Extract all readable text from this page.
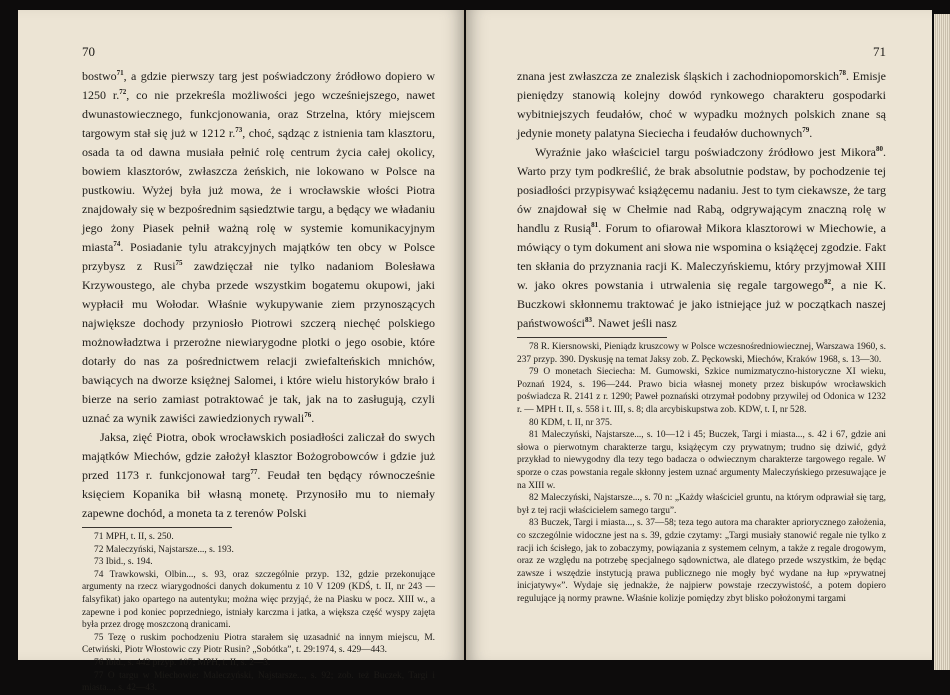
70

bostwo$^{71}$, a gdzie pierwszy targ jest poświadczony źródłowo dopiero w 1250 r.$^{72}$, co nie przekreśla możliwości jego wcześniejszego, nawet dwunastowiecznego, funkcjonowania, oraz Strzelna, który miejscem targowym stał się już w 1212 r.$^{73}$, choć, sądząc z istnienia tam klasztoru, osada ta od dawna musiała pełnić rolę centrum życia całej okolicy, bowiem klasztorów, zwłaszcza żeńskich, nie lokowano w Polsce na pustkowiu. Wyżej była już mowa, że i wrocławskie włości Piotra znajdowały się w bezpośrednim sąsiedztwie targu, a będący we władaniu jego żony Piasek pełnił ważną rolę w systemie komunikacyjnym miasta$^{74}$. Posiadanie tylu atrakcyjnych majątków ten obcy w Polsce przybysz z Rusi$^{75}$ zawdzięczał nie tylko nadaniom Bolesława Krzywoustego, ale chyba przede wszystkim bogatemu okupowi, jaki wypłacił mu Wołodar. Właśnie wykupywanie ziem przynoszących największe dochody przyniosło Piotrowi szczerą niechęć polskiego możnowładztwa i przerożne niewiarygodne plotki o jego osobie, które dotarły do nas za pośrednictwem relacji zwiefalteńskich mnichów, bawiących na dworze księżnej Salomei, i które wielu historyków brało i bierze na serio zamiast potraktować je tak, jak na to zasługują, czyli uznać za wynik zawiści zawiedzionych rywali$^{76}$.

Jaksa, zięć Piotra, obok wrocławskich posiadłości zaliczał do swych majątków Miechów, gdzie założył klasztor Bożogrobowców i gdzie już przed 1173 r. funkcjonował targ$^{77}$. Feudał ten będący równocześnie księciem Kopanika bił własną monetę. Przynosiło mu to niemały zapewne dochód, a moneta ta z terenów Polski

71 MPH, t. II, s. 250.

72 Maleczyński, Najstarsze..., s. 193.

73 Ibid., s. 194.

74 Trawkowski, Olbin..., s. 93, oraz szczególnie przyp. 132, gdzie przekonujące argumenty na rzecz wiarygodności danych dokumentu z 10 V 1209 (KDŚ, t. II, nr 243 — falsyfikat) jako opartego na autentyku; można więc przyjąć, że na Piasku w pocz. XIII w., a zapewne i pod koniec poprzedniego, istniały karczma i jatka, a większa część wyspy zajęta była przez drogę moszczoną dranicami.

75 Tezę o ruskim pochodzeniu Piotra starałem się uzasadnić na innym miejscu, M. Cetwiński, Piotr Włostowic czy Piotr Rusin? „Sobótka”, t. 29:1974, s. 429—443.

76 Ibid., s. 442 przyp. 107; MPH, t. II, s. 2—3.

77 O targu w Miechowie: Maleczyński, Najstarsze..., s. 92; zob. też Buczek, Targi i miasta..., s. 42—43.

71

znana jest zwłaszcza ze znalezisk śląskich i zachodniopomorskich$^{78}$. Emisje pieniędzy stanowią kolejny dowód rynkowego charakteru gospodarki wybitniejszych feudałów, choć w wypadku możnych polskich znane są jedynie monety palatyna Sieciecha i feudałów duchownych$^{79}$.

Wyraźnie jako właściciel targu poświadczony źródłowo jest Mikora$^{80}$. Warto przy tym podkreślić, że brak absolutnie podstaw, by pochodzenie tej posiadłości przypisywać książęcemu nadaniu. Jest to tym ciekawsze, że targ ów znajdował się w Chełmie nad Rabą, odgrywającym znaczną rolę w handlu z Rusią$^{81}$. Forum to ofiarował Mikora klasztorowi w Miechowie, a mówiący o tym dokument ani słowa nie wspomina o książęcej zgodzie. Fakt ten skłania do przyznania racji K. Maleczyńskiemu, który przyjmował XIII w. jako okres powstania i utrwalenia się regale targowego$^{82}$, a nie K. Buczkowi skłonnemu traktować je jako istniejące już w początkach naszej państwowości$^{83}$. Nawet jeśli nasz

78 R. Kiersnowski, Pieniądz kruszcowy w Polsce wczesnośredniowiecznej, Warszawa 1960, s. 237 przyp. 390. Dyskusję na temat Jaksy zob. Z. Pęckowski, Miechów, Kraków 1968, s. 13—30.

79 O monetach Sieciecha: M. Gumowski, Szkice numizmatyczno-historyczne XI wieku, Poznań 1924, s. 196—244. Prawo bicia własnej monety przez biskupów wrocławskich poświadcza R. 2141 z r. 1290; Paweł poznański otrzymał podobny przywilej od Odonica w 1232 r. — MPH t. II, s. 558 i t. III, s. 8; dla arcybiskupstwa zob. KDW, t. I, nr 528.

80 KDM, t. II, nr 375.

81 Maleczyński, Najstarsze..., s. 10—12 i 45; Buczek, Targi i miasta..., s. 42 i 67, gdzie ani słowa o pierwotnym charakterze targu, książęcym czy prywatnym; trudno się dziwić, gdyż przykład to niewygodny dla tezy tego badacza o odwiecznym charakterze targowego regale. W sporze o czas powstania regale skłonny jestem uznać argumenty Maleczyńskiego przesuwające je na XIII w.

82 Maleczyński, Najstarsze..., s. 70 n: „Każdy właściciel gruntu, na którym odprawiał się targ, był z tej racji właścicielem samego targu”.

83 Buczek, Targi i miasta..., s. 37—58; teza tego autora ma charakter apriorycznego założenia, co szczególnie widoczne jest na s. 39, gdzie czytamy: „Targi musiały stanowić regale nie tylko z racji ich ścisłego, jak to zobaczymy, powiązania z systemem celnym, a także z regale drogowym, oraz ze względu na potrzebę specjalnego sądownictwa, ale dlatego przede wszystkim, że będąc zawsze i wszędzie instytucją prawa publicznego nie mogły być wydane na łup »prywatnej inicjatywy«”. Wydaje się jednakże, że najpierw powstaje rzeczywistość, a potem dopiero regulujące ją normy prawne. Właśnie kolizje pomiędzy zbyt blisko położonymi targami
